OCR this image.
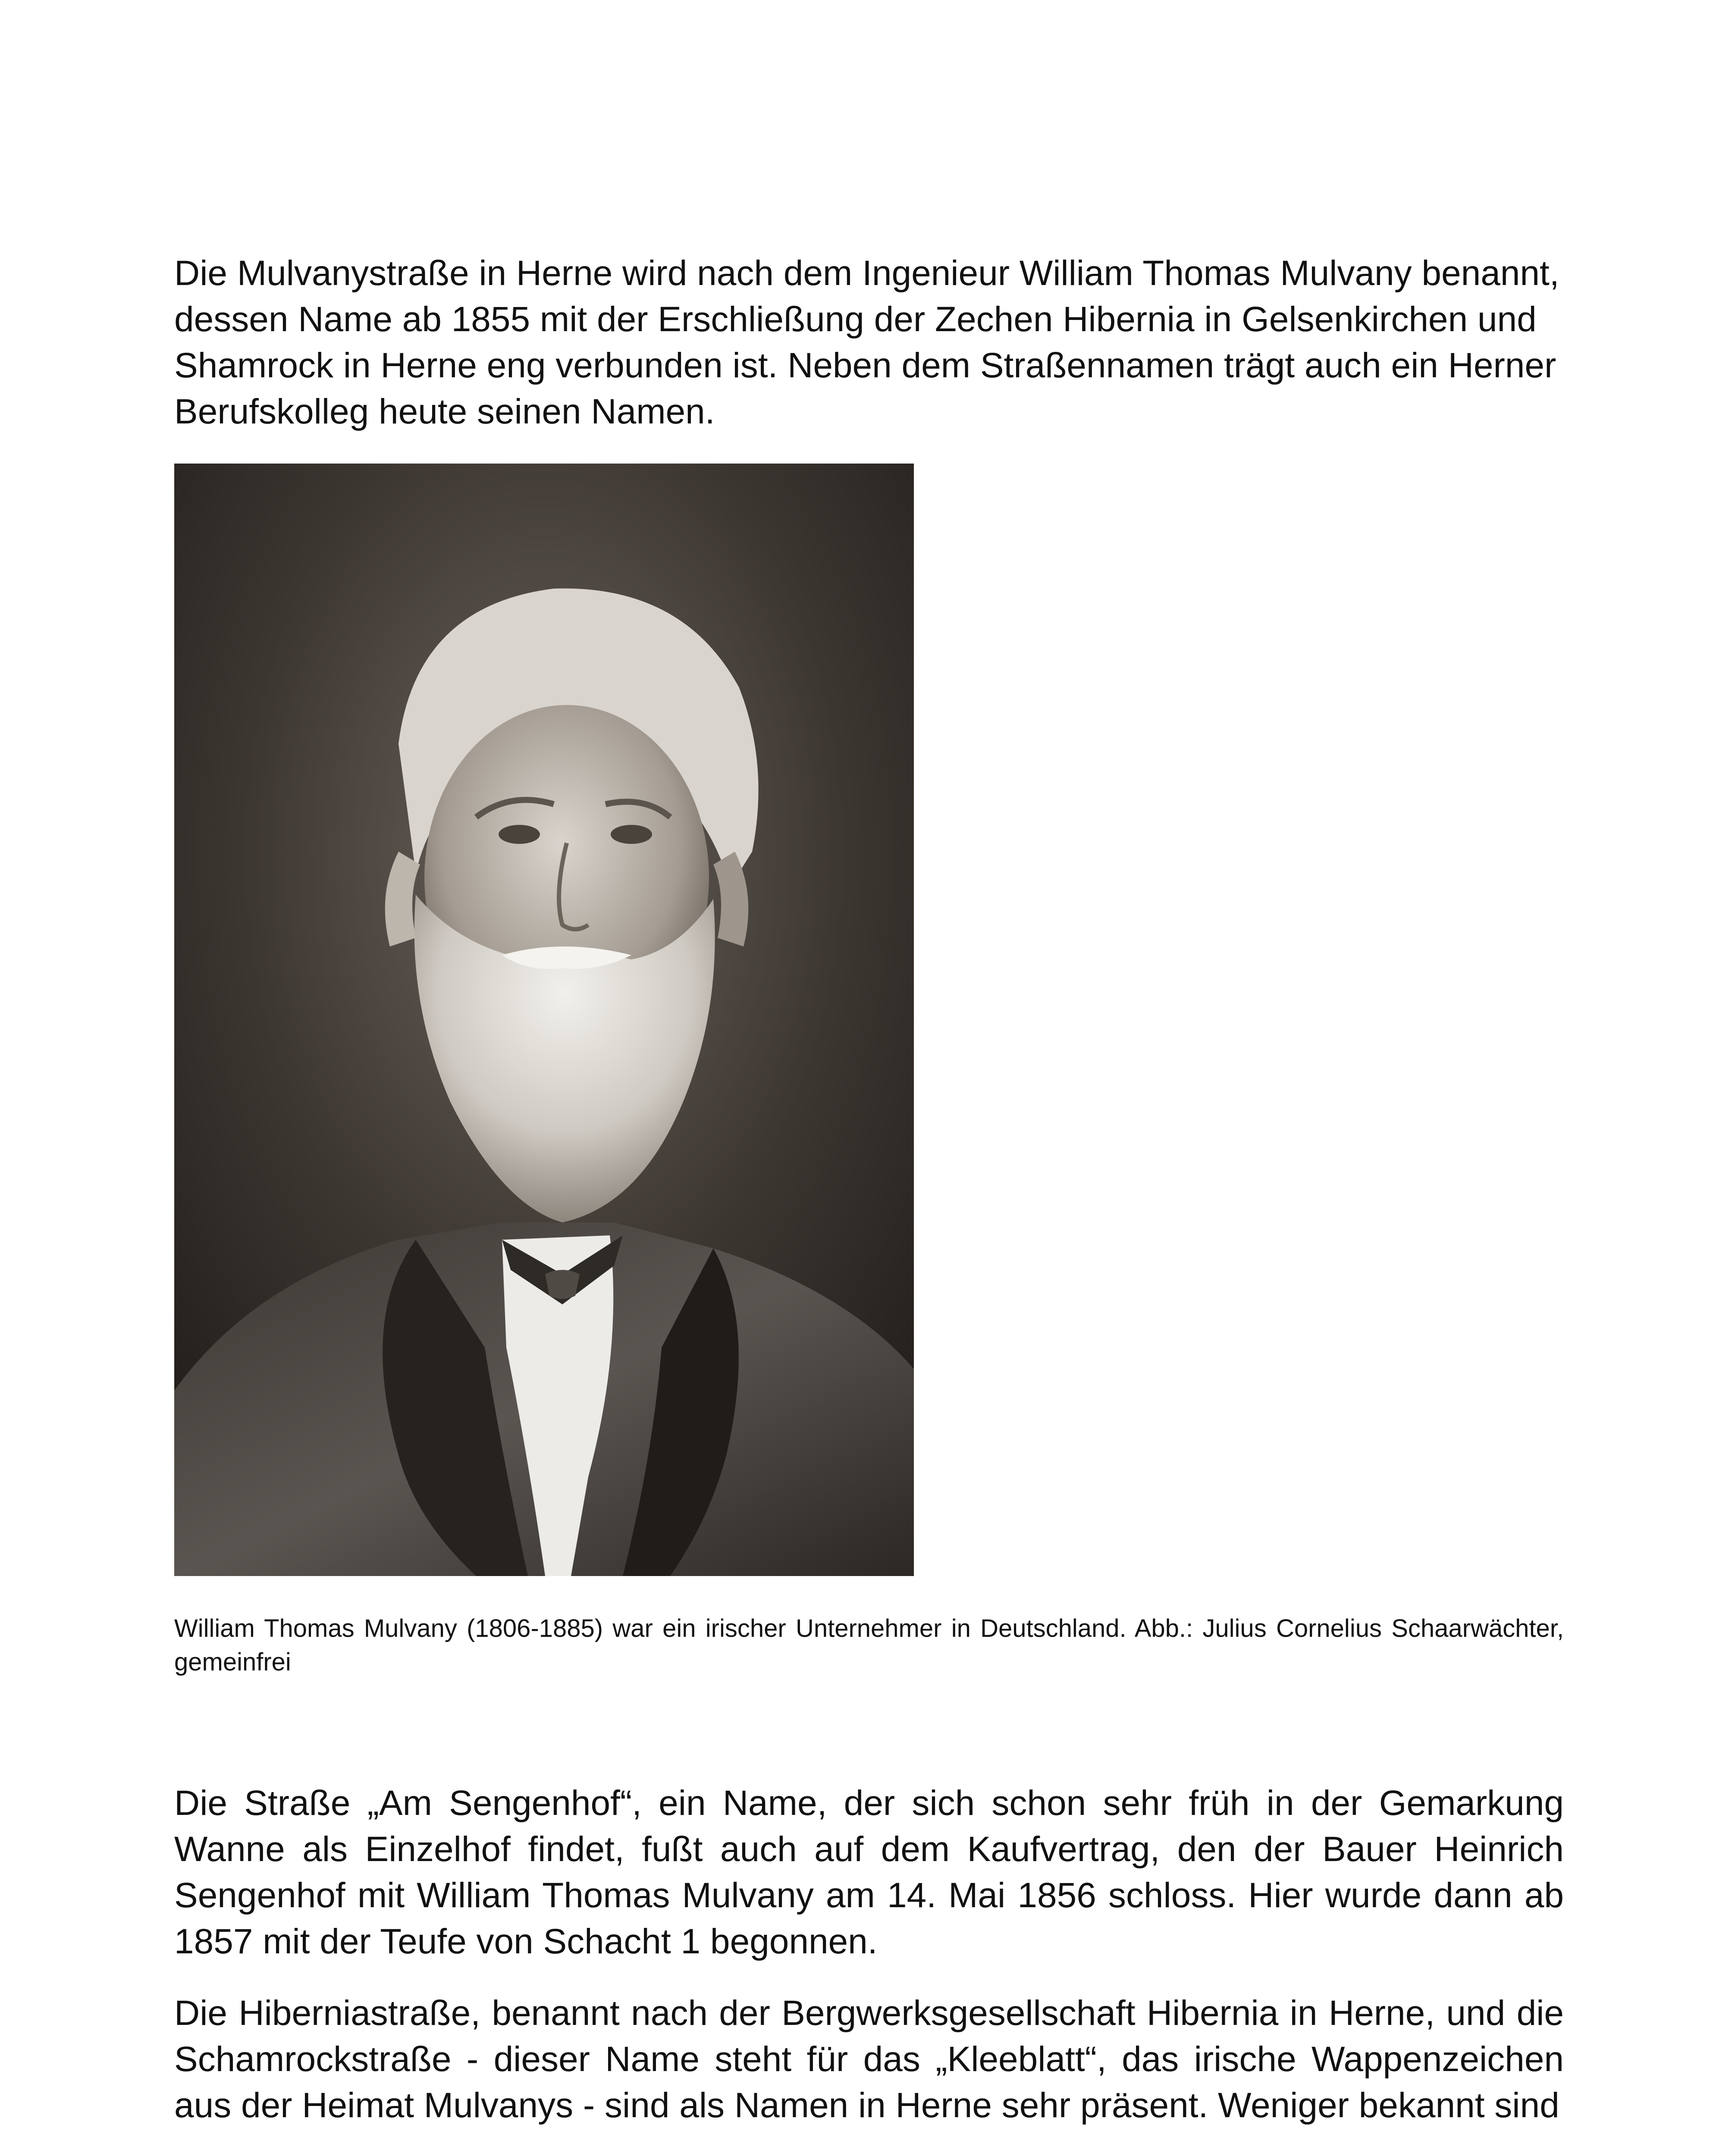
Die Mulvanystraße in Herne wird nach dem Ingenieur William Thomas Mulvany benannt, dessen Name ab 1855 mit der Erschließung der Zechen Hibernia in Gelsenkirchen und Shamrock in Herne eng verbunden ist. Neben dem Straßennamen trägt auch ein Herner Berufskolleg heute seinen Namen.

William Thomas Mulvany (1806-1885) war ein irischer Unternehmer in Deutschland. Abb.: Julius Cornelius Schaarwächter, gemeinfrei

Die Straße „Am Sengenhof“, ein Name, der sich schon sehr früh in der Gemarkung Wanne als Einzelhof findet, fußt auch auf dem Kaufvertrag, den der Bauer Heinrich Sengenhof mit William Thomas Mulvany am 14. Mai 1856 schloss. Hier wurde dann ab 1857 mit der Teufe von Schacht 1 begonnen.

Die Hiberniastraße, benannt nach der Bergwerksgesellschaft Hibernia in Herne, und die Schamrockstraße - dieser Name steht für das „Kleeblatt“, das irische Wappenzeichen aus der Heimat Mulvanys - sind als Namen in Herne sehr präsent. Weniger bekannt sind
